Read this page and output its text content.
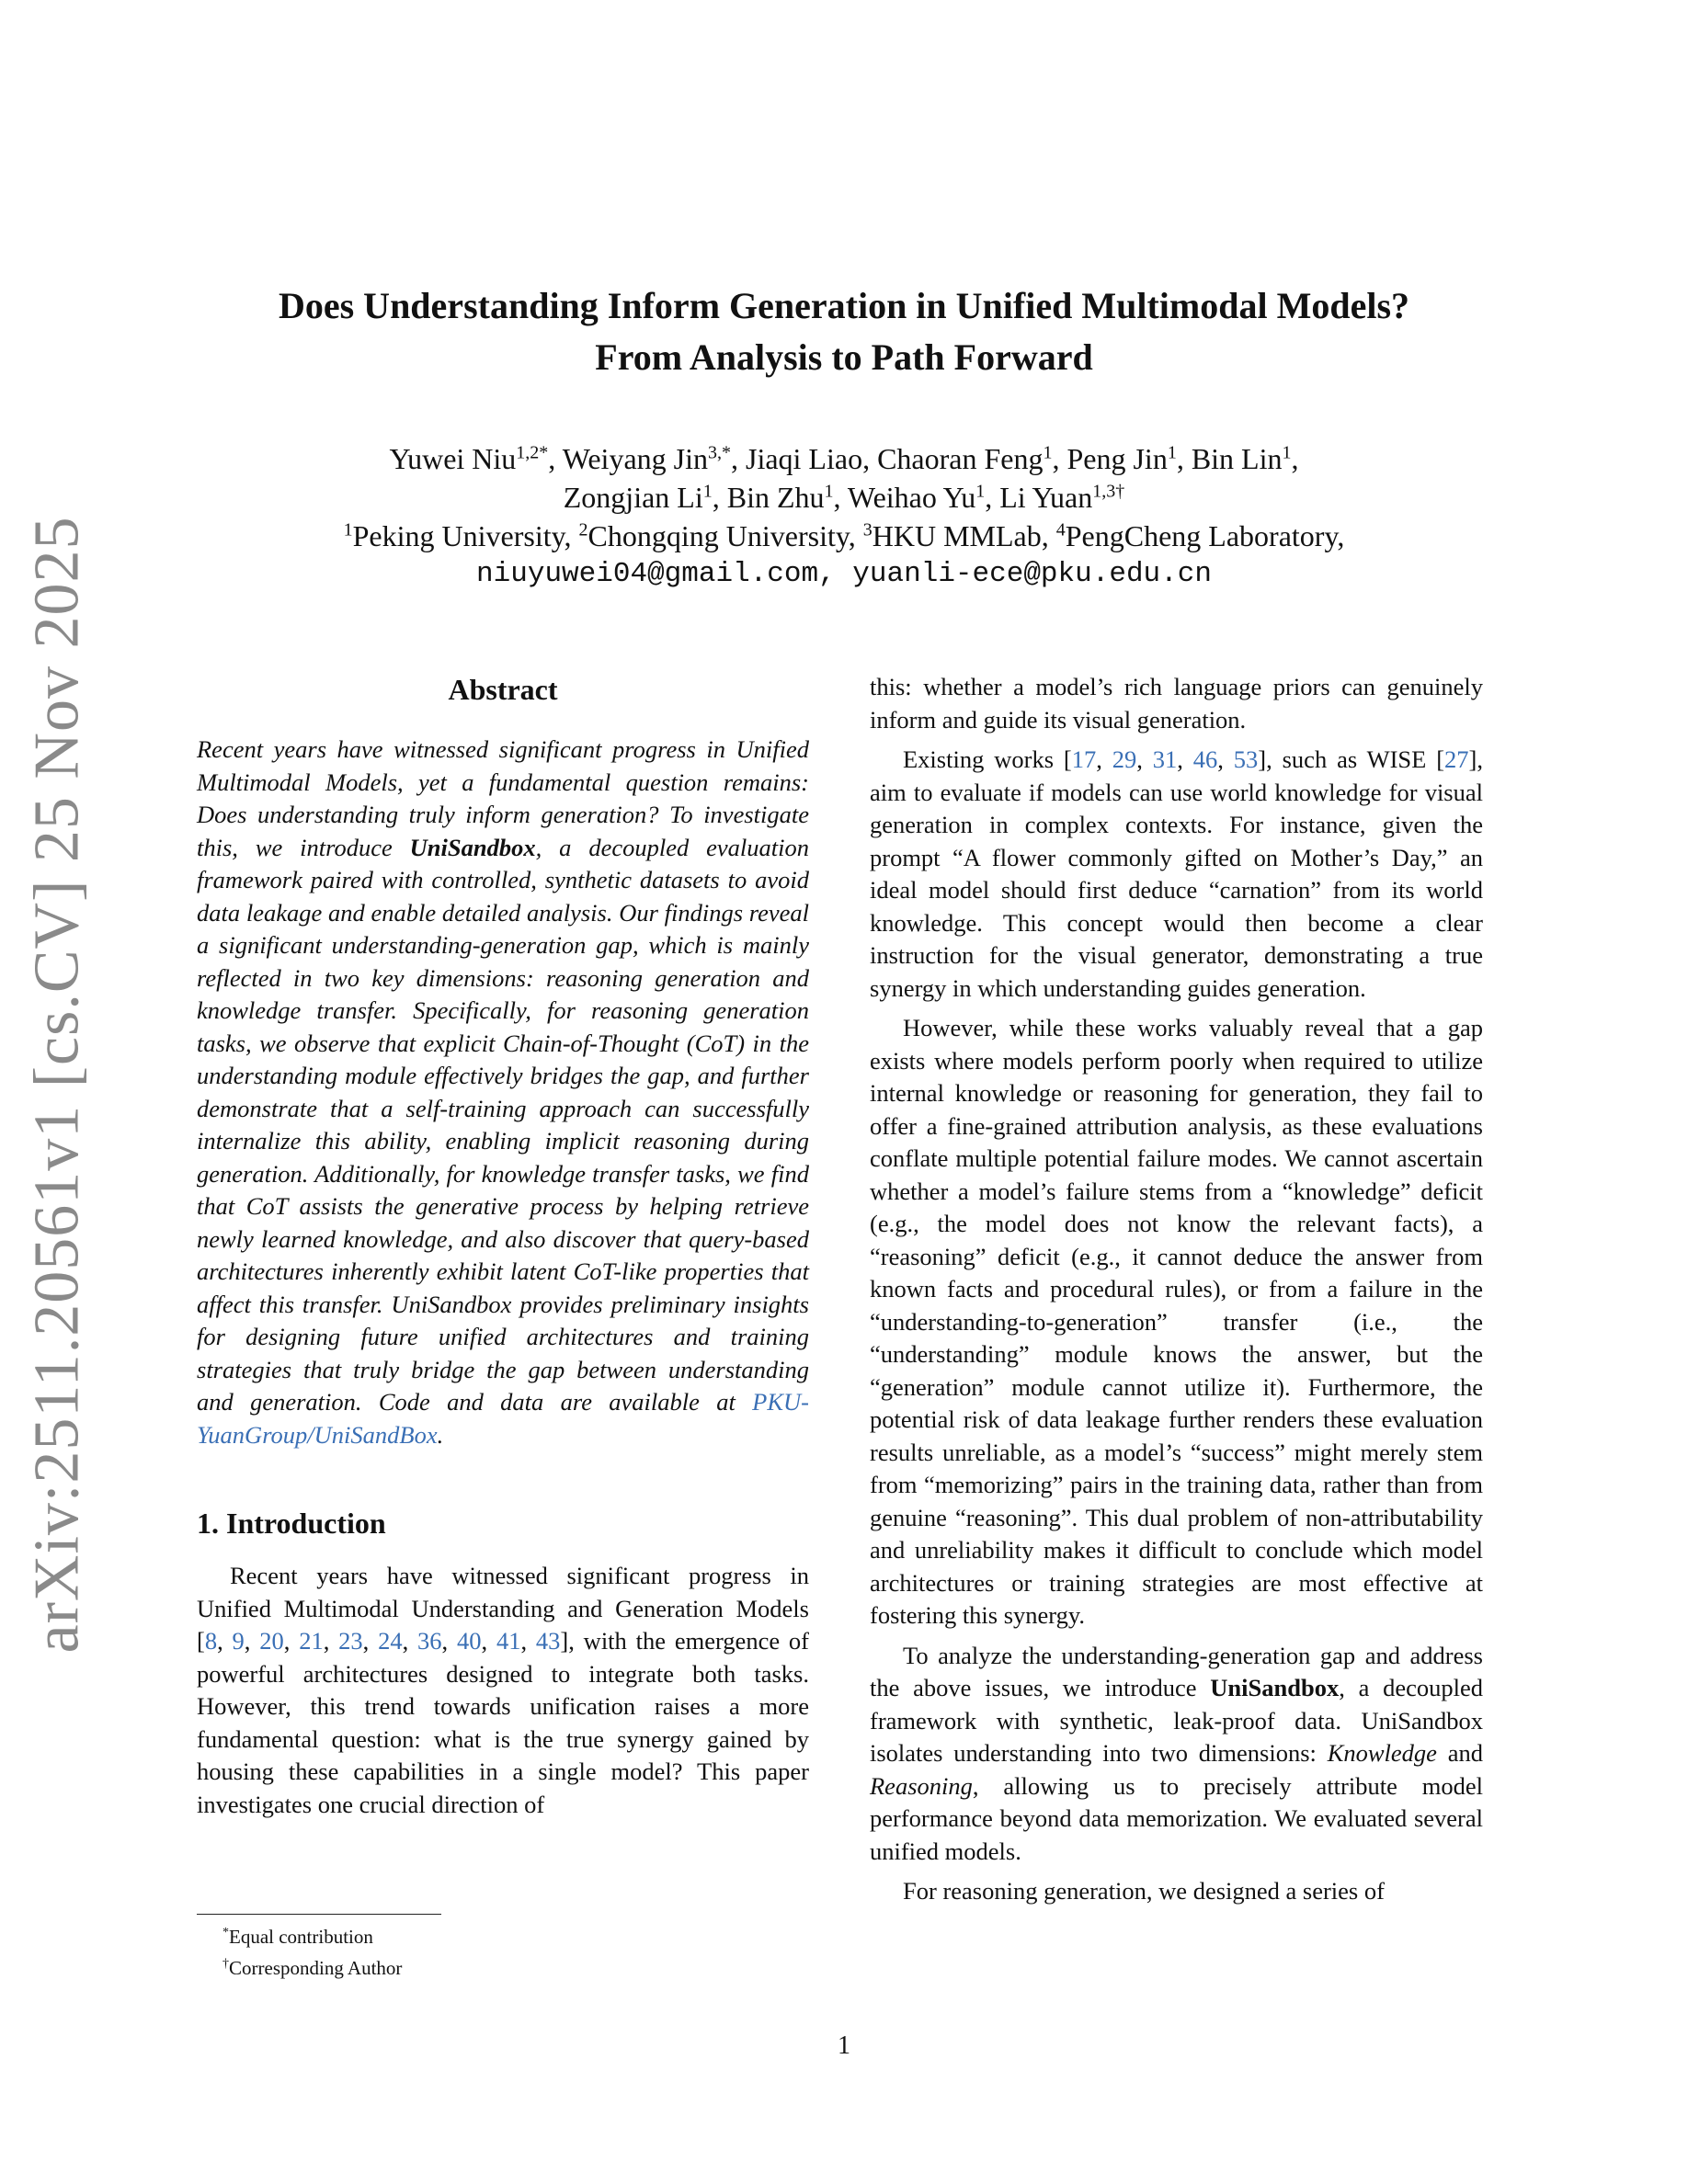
arXiv:2511.20561v1 [cs.CV] 25 Nov 2025
Does Understanding Inform Generation in Unified Multimodal Models?
From Analysis to Path Forward
Yuwei Niu$^{1,2*}$, Weiyang Jin$^{3,*}$, Jiaqi Liao, Chaoran Feng$^1$, Peng Jin$^1$, Bin Lin$^1$,
Zongjian Li$^1$, Bin Zhu$^1$, Weihao Yu$^1$, Li Yuan$^{1,3\dagger}$
$^1$Peking University, $^2$Chongqing University, $^3$HKU MMLab, $^4$PengCheng Laboratory,
niuyuwei04@gmail.com, yuanli-ece@pku.edu.cn
Abstract

Recent years have witnessed significant progress in Unified Multimodal Models, yet a fundamental question remains: Does understanding truly inform generation? To investigate this, we introduce UniSandbox, a decoupled evaluation framework paired with controlled, synthetic datasets to avoid data leakage and enable detailed analysis. Our findings reveal a significant understanding-generation gap, which is mainly reflected in two key dimensions: reasoning generation and knowledge transfer. Specifically, for reasoning generation tasks, we observe that explicit Chain-of-Thought (CoT) in the understanding module effectively bridges the gap, and further demonstrate that a self-training approach can successfully internalize this ability, enabling implicit reasoning during generation. Additionally, for knowledge transfer tasks, we find that CoT assists the generative process by helping retrieve newly learned knowledge, and also discover that query-based architectures inherently exhibit latent CoT-like properties that affect this transfer. UniSandbox provides preliminary insights for designing future unified architectures and training strategies that truly bridge the gap between understanding and generation. Code and data are available at PKU-YuanGroup/UniSandBox.

1. Introduction

Recent years have witnessed significant progress in Unified Multimodal Understanding and Generation Models [8, 9, 20, 21, 23, 24, 36, 40, 41, 43], with the emergence of powerful architectures designed to integrate both tasks. However, this trend towards unification raises a more fundamental question: what is the true synergy gained by housing these capabilities in a single model? This paper investigates one crucial direction of

*Equal contribution
†Corresponding Author

this: whether a model’s rich language priors can genuinely inform and guide its visual generation.

Existing works [17, 29, 31, 46, 53], such as WISE [27], aim to evaluate if models can use world knowledge for visual generation in complex contexts. For instance, given the prompt “A flower commonly gifted on Mother’s Day,” an ideal model should first deduce “carnation” from its world knowledge. This concept would then become a clear instruction for the visual generator, demonstrating a true synergy in which understanding guides generation.

However, while these works valuably reveal that a gap exists where models perform poorly when required to utilize internal knowledge or reasoning for generation, they fail to offer a fine-grained attribution analysis, as these evaluations conflate multiple potential failure modes. We cannot ascertain whether a model’s failure stems from a “knowledge” deficit (e.g., the model does not know the relevant facts), a “reasoning” deficit (e.g., it cannot deduce the answer from known facts and procedural rules), or from a failure in the “understanding-to-generation” transfer (i.e., the “understanding” module knows the answer, but the “generation” module cannot utilize it). Furthermore, the potential risk of data leakage further renders these evaluation results unreliable, as a model’s “success” might merely stem from “memorizing” pairs in the training data, rather than from genuine “reasoning”. This dual problem of non-attributability and unreliability makes it difficult to conclude which model architectures or training strategies are most effective at fostering this synergy.

To analyze the understanding-generation gap and address the above issues, we introduce UniSandbox, a decoupled framework with synthetic, leak-proof data. UniSandbox isolates understanding into two dimensions: Knowledge and Reasoning, allowing us to precisely attribute model performance beyond data memorization. We evaluated several unified models.

For reasoning generation, we designed a series of

1
